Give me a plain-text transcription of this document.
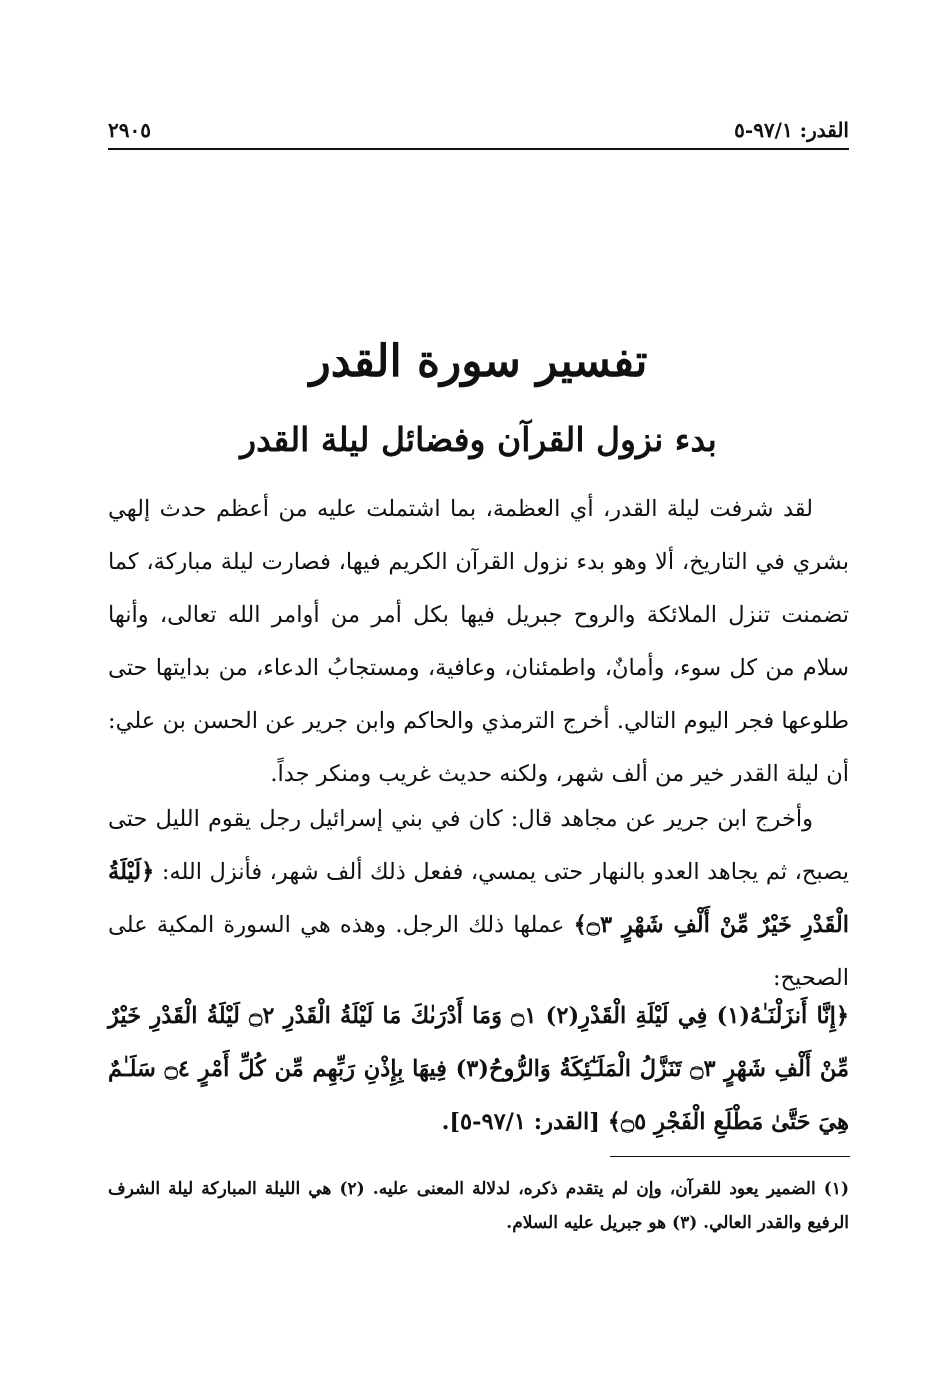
٢٩٠٥	القدر: ٩٧/١-٥
تفسير سورة القدر
بدء نزول القرآن وفضائل ليلة القدر

لقد شرفت ليلة القدر، أي العظمة، بما اشتملت عليه من أعظم حدث إلهي بشري في التاريخ، ألا وهو بدء نزول القرآن الكريم فيها، فصارت ليلة مباركة، كما تضمنت تنزل الملائكة والروح جبريل فيها بكل أمر من أوامر الله تعالى، وأنها سلام من كل سوء، وأمانٌ، واطمئنان، وعافية، ومستجابُ الدعاء، من بدايتها حتى طلوعها فجر اليوم التالي. أخرج الترمذي والحاكم وابن جرير عن الحسن بن علي: أن ليلة القدر خير من ألف شهر، ولكنه حديث غريب ومنكر جداً.

وأخرج ابن جرير عن مجاهد قال: كان في بني إسرائيل رجل يقوم الليل حتى يصبح، ثم يجاهد العدو بالنهار حتى يمسي، ففعل ذلك ألف شهر، فأنزل الله: ﴿لَيْلَةُ الْقَدْرِ خَيْرٌ مِّنْ أَلْفِ شَهْرٍ ۝٣﴾ عملها ذلك الرجل. وهذه هي السورة المكية على الصحيح:

﴿إِنَّا أَنزَلْنَـٰهُ(١) فِي لَيْلَةِ الْقَدْرِ(٢) ۝١ وَمَا أَدْرَىٰكَ مَا لَيْلَةُ الْقَدْرِ ۝٢ لَيْلَةُ الْقَدْرِ خَيْرٌ مِّنْ أَلْفِ شَهْرٍ ۝٣ تَنَزَّلُ الْمَلَـٰٓئِكَةُ وَالرُّوحُ(٣) فِيهَا بِإِذْنِ رَبِّهِم مِّن كُلِّ أَمْرٍ ۝٤ سَلَـٰمٌ هِيَ حَتَّىٰ مَطْلَعِ الْفَجْرِ ۝٥﴾ [القدر: ٩٧/١-٥].

(١) الضمير يعود للقرآن، وإن لم يتقدم ذكره، لدلالة المعنى عليه. (٢) هي الليلة المباركة ليلة الشرف الرفيع والقدر العالي. (٣) هو جبريل عليه السلام.
